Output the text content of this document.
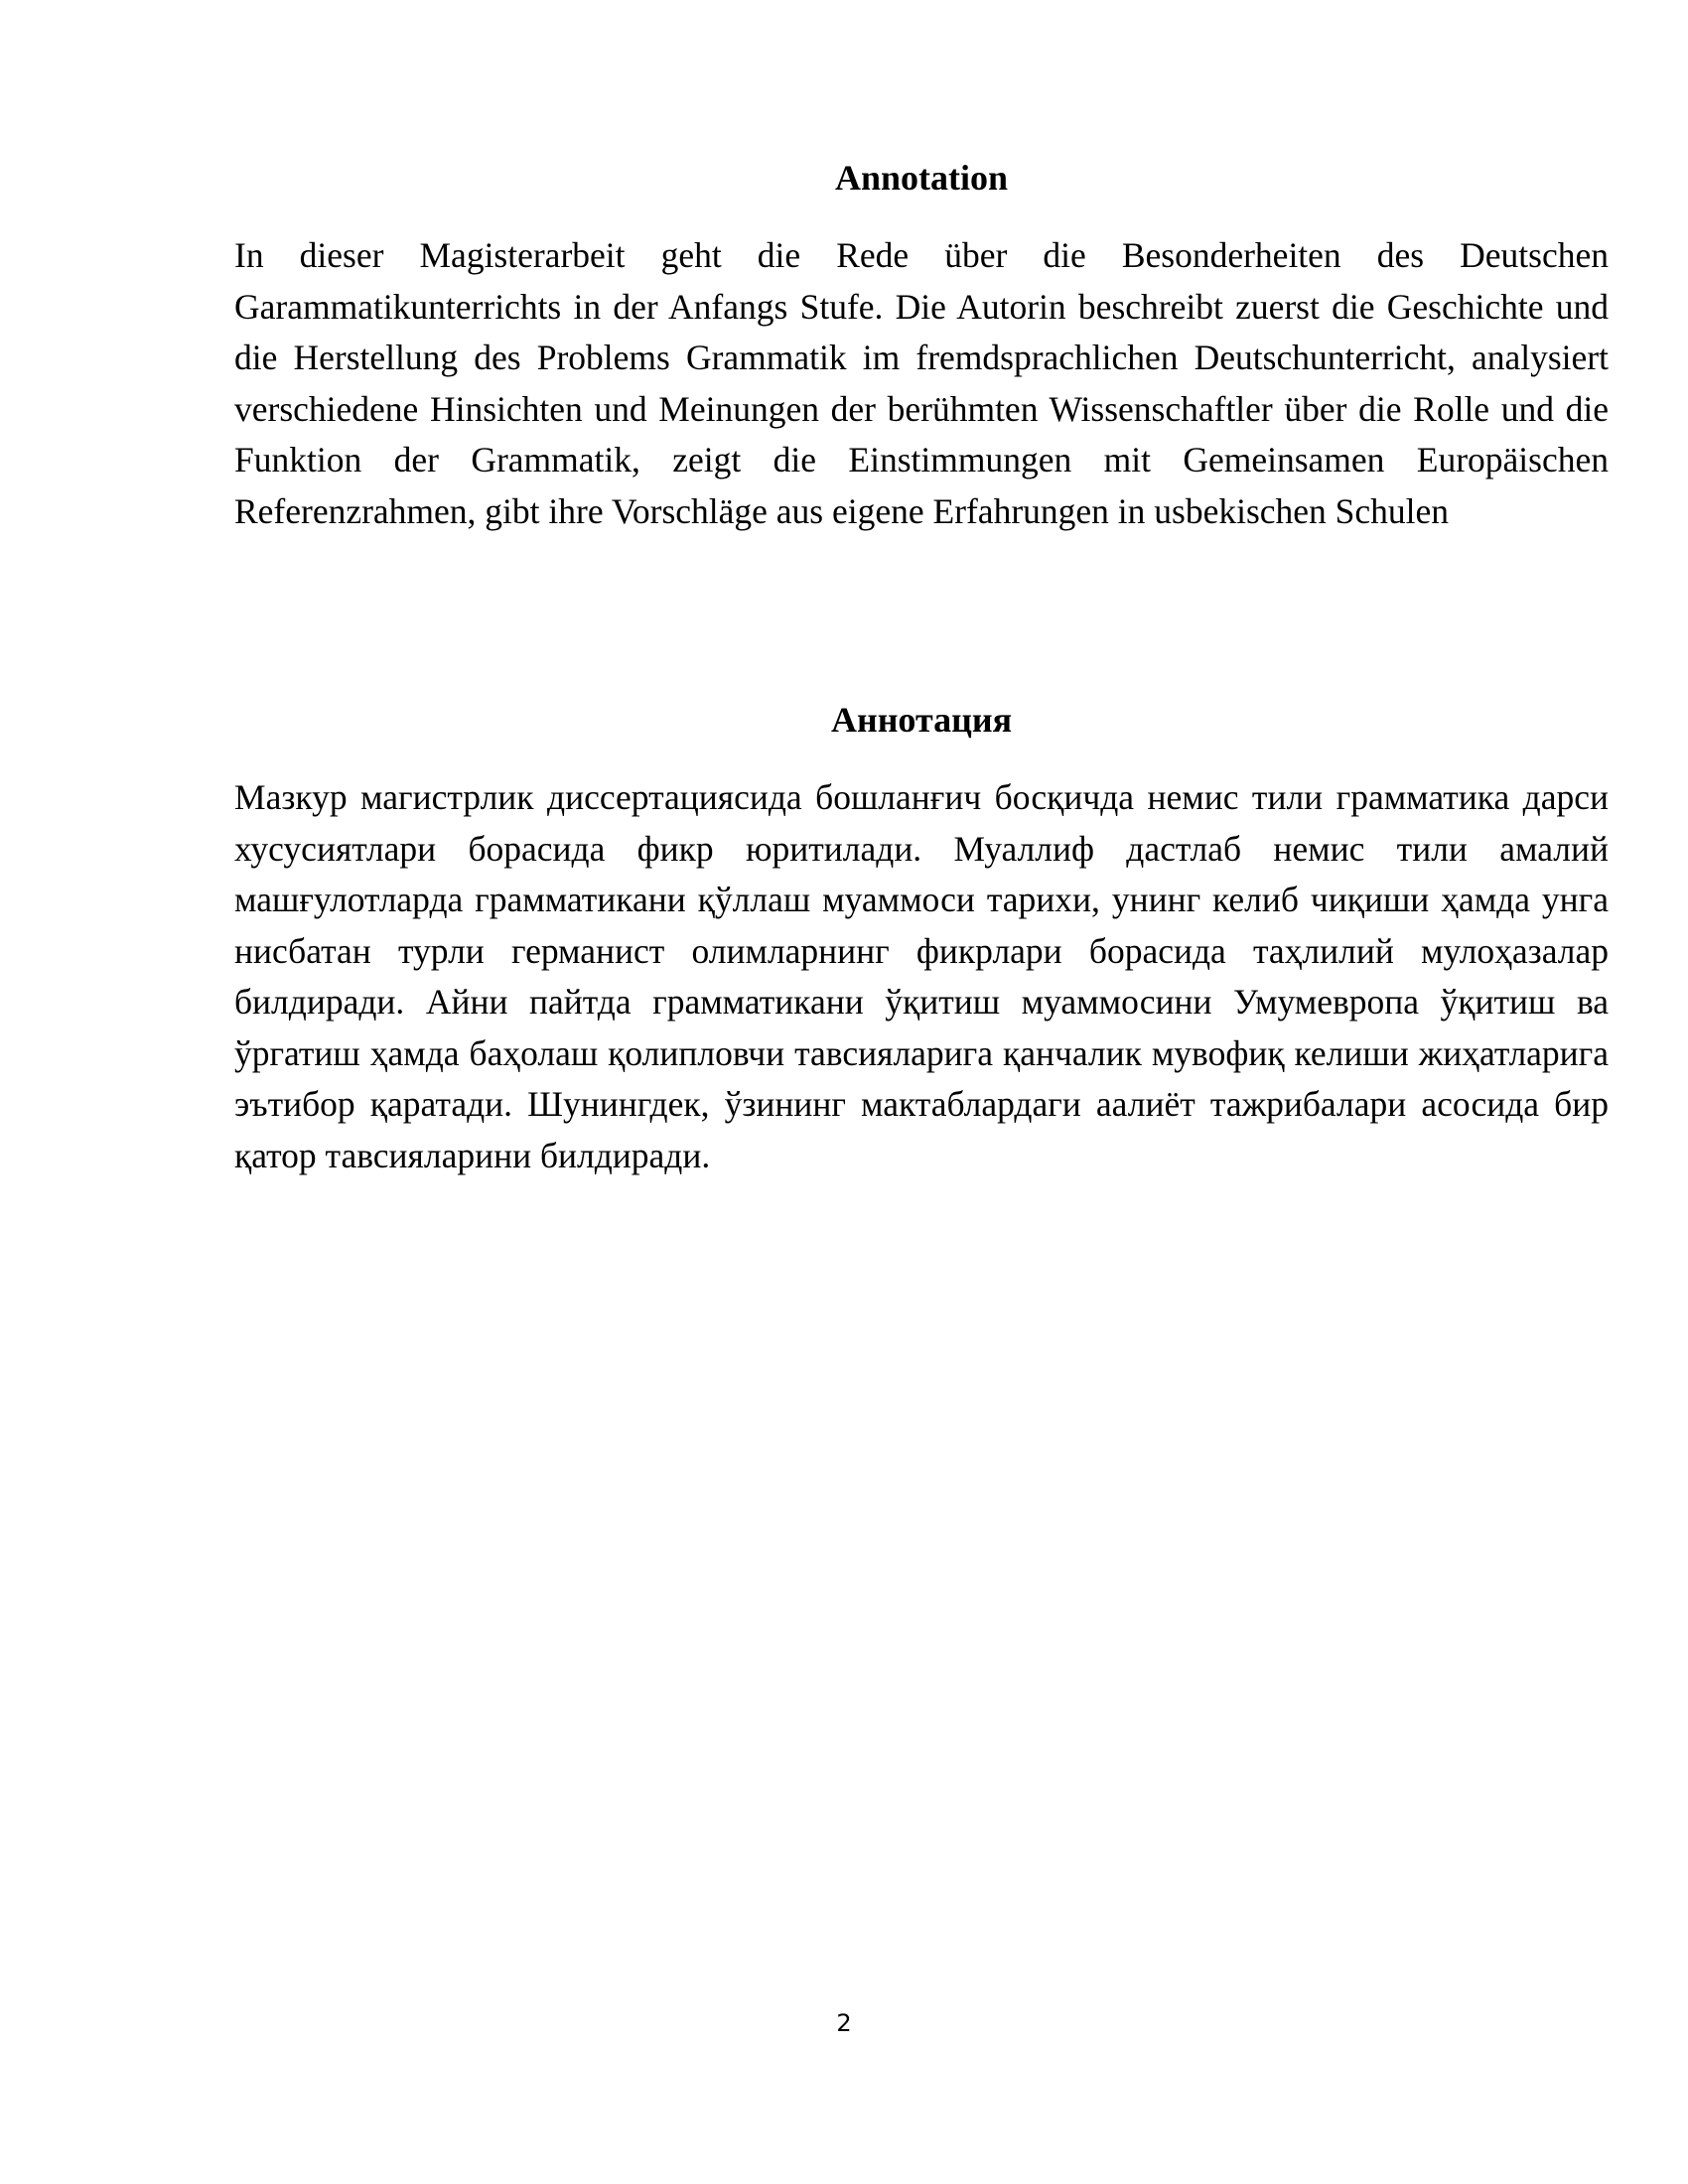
Annotation

In dieser Magisterarbeit geht die Rede über die Besonderheiten des Deutschen Garammatikunterrichts in der Anfangs Stufe. Die Autorin beschreibt zuerst die Geschichte und die Herstellung des Problems Grammatik im fremdsprachlichen Deutschunterricht, analysiert verschiedene Hinsichten und Meinungen der berühmten Wissenschaftler über die Rolle und die Funktion der Grammatik, zeigt die Einstimmungen mit Gemeinsamen Europäischen  Referenzrahmen, gibt ihre Vorschläge aus eigene Erfahrungen in usbekischen Schulen

Аннотация

Мазкур магистрлик диссертациясида бошланғич босқичда немис тили грамматика дарси хусусиятлари борасида фикр юритилади. Муаллиф дастлаб немис тили амалий машғулотларда грамматикани қўллаш муаммоси тарихи, унинг келиб чиқиши ҳамда унга нисбатан турли германист олимларнинг фикрлари борасида таҳлилий мулоҳазалар билдиради. Айни пайтда грамматикани ўқитиш муаммосини Умумевропа ўқитиш ва ўргатиш ҳамда баҳолаш қолипловчи тавсияларига қанчалик мувофиқ келиши жиҳатларига эътибор қаратади. Шунингдек, ўзининг мактаблардаги аалиёт тажрибалари асосида бир қатор тавсияларини билдиради.

2
